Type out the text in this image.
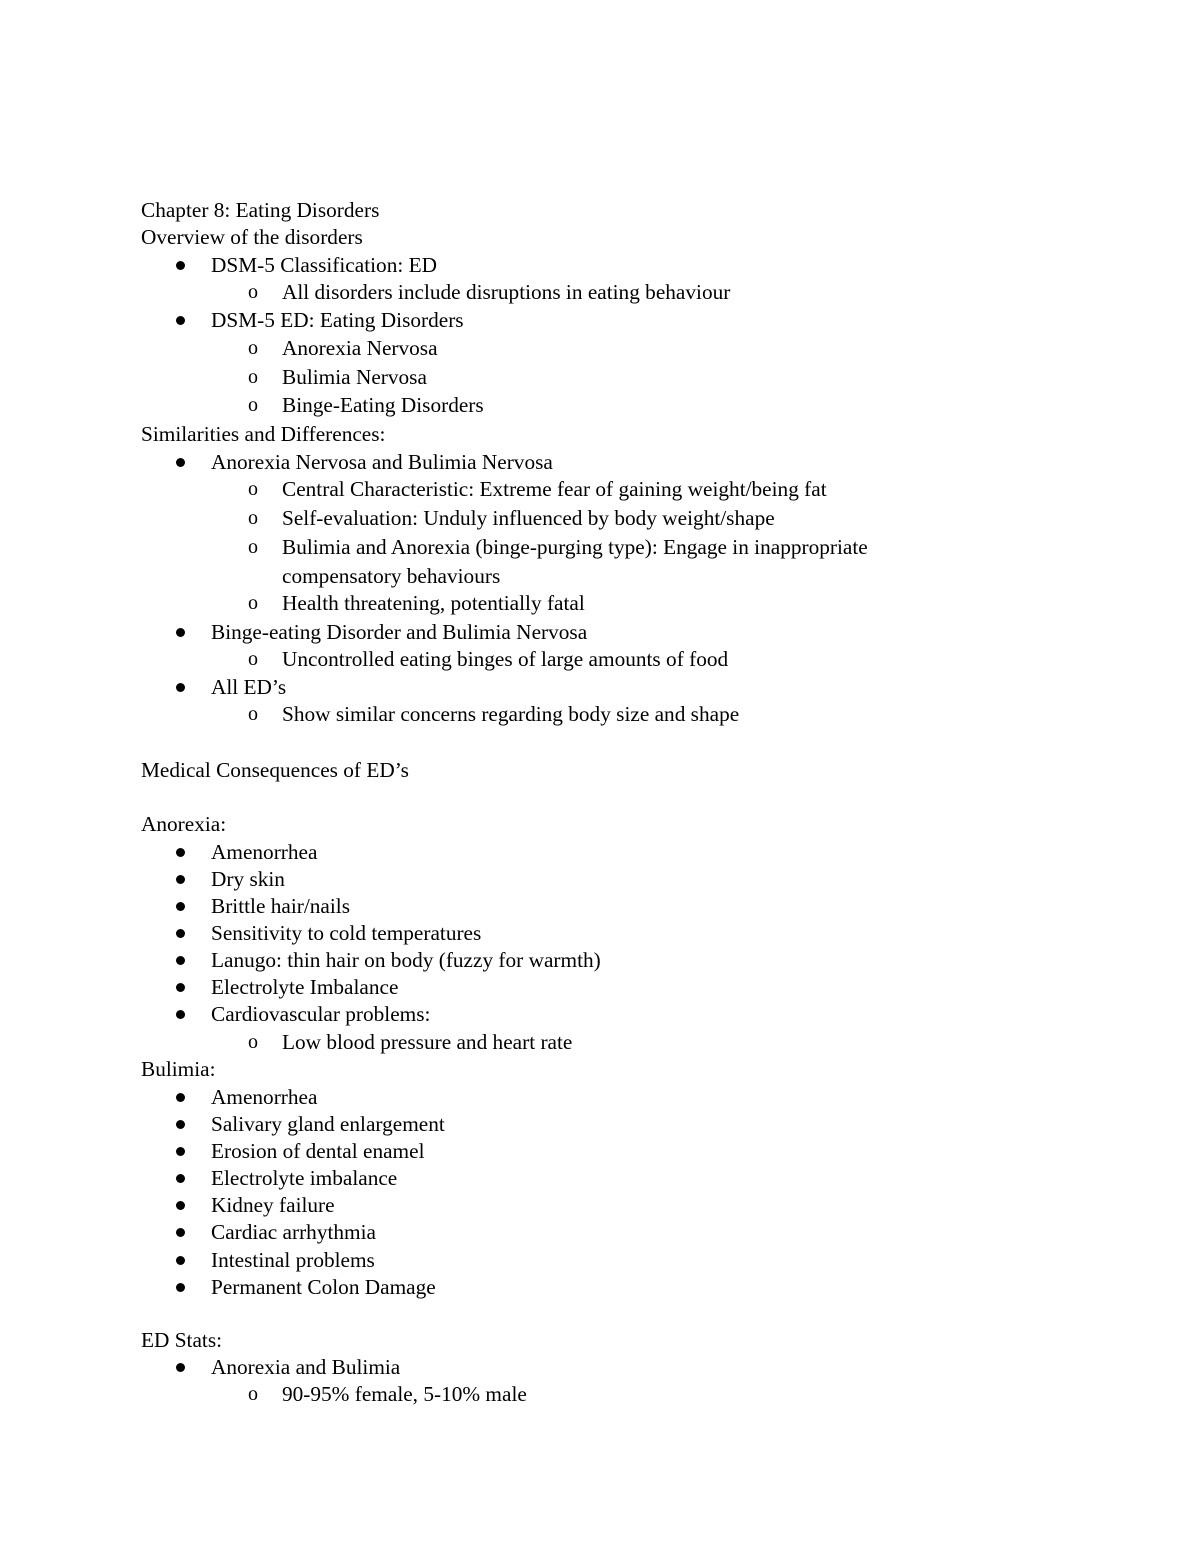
Chapter 8: Eating Disorders
Overview of the disorders
DSM-5 Classification: ED
o All disorders include disruptions in eating behaviour
DSM-5 ED: Eating Disorders
o Anorexia Nervosa
o Bulimia Nervosa
o Binge-Eating Disorders
Similarities and Differences:
Anorexia Nervosa and Bulimia Nervosa
o Central Characteristic: Extreme fear of gaining weight/being fat
o Self-evaluation: Unduly influenced by body weight/shape
o Bulimia and Anorexia (binge-purging type): Engage in inappropriate
compensatory behaviours
o Health threatening, potentially fatal
Binge-eating Disorder and Bulimia Nervosa
o Uncontrolled eating binges of large amounts of food
All ED’s
o Show similar concerns regarding body size and shape
Medical Consequences of ED’s
Anorexia:
Amenorrhea
Dry skin
Brittle hair/nails
Sensitivity to cold temperatures
Lanugo: thin hair on body (fuzzy for warmth)
Electrolyte Imbalance
Cardiovascular problems:
o Low blood pressure and heart rate
Bulimia:
Amenorrhea
Salivary gland enlargement
Erosion of dental enamel
Electrolyte imbalance
Kidney failure
Cardiac arrhythmia
Intestinal problems
Permanent Colon Damage
ED Stats:
Anorexia and Bulimia
o 90-95% female, 5-10% male
